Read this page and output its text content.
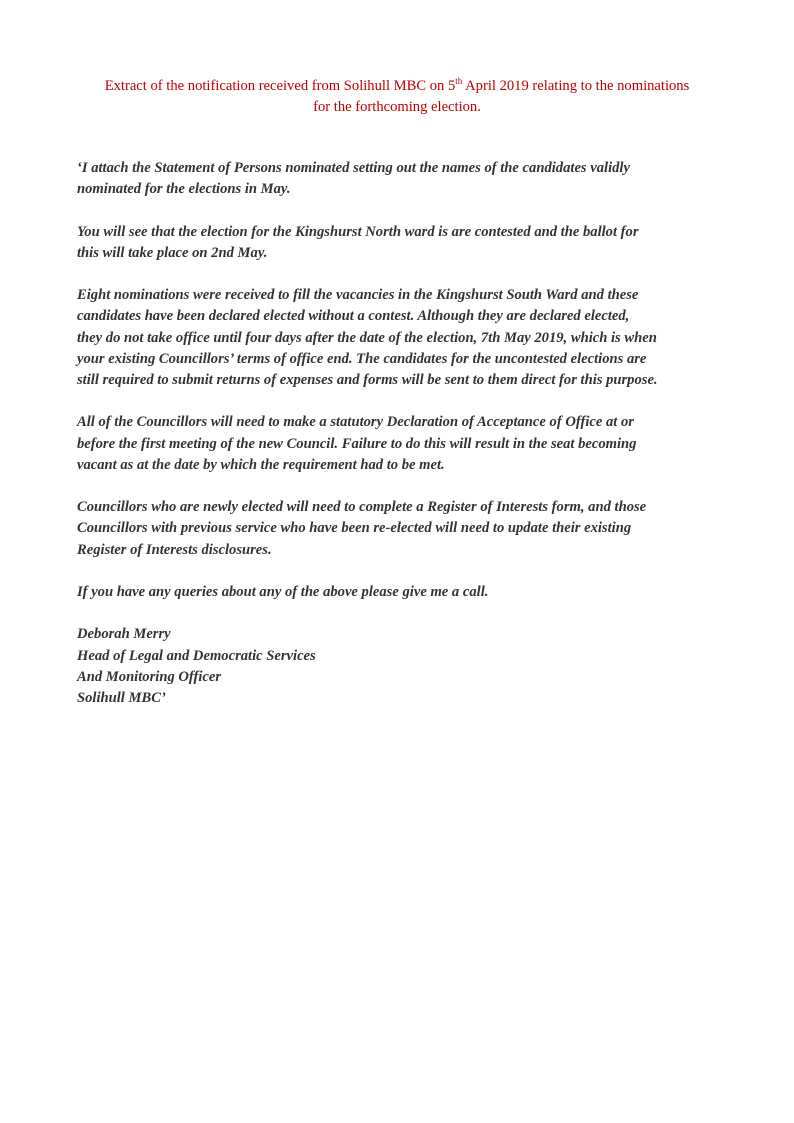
Extract of the notification received from Solihull MBC on 5th April 2019 relating to the nominations
for the forthcoming election.

‘I attach the Statement of Persons nominated setting out the names of the candidates validly
nominated for the elections in May.

You will see that the election for the Kingshurst North ward is are contested and the ballot for
this will take place on 2nd May.

Eight nominations were received to fill the vacancies in the Kingshurst South Ward and these
candidates have been declared elected without a contest. Although they are declared elected,
they do not take office until four days after the date of the election, 7th May 2019, which is when
your existing Councillors’ terms of office end. The candidates for the uncontested elections are
still required to submit returns of expenses and forms will be sent to them direct for this purpose.

All of the Councillors will need to make a statutory Declaration of Acceptance of Office at or
before the first meeting of the new Council. Failure to do this will result in the seat becoming
vacant as at the date by which the requirement had to be met.

Councillors who are newly elected will need to complete a Register of Interests form, and those
Councillors with previous service who have been re-elected will need to update their existing
Register of Interests disclosures.

If you have any queries about any of the above please give me a call.

Deborah Merry
Head of Legal and Democratic Services
And Monitoring Officer
Solihull MBC’
